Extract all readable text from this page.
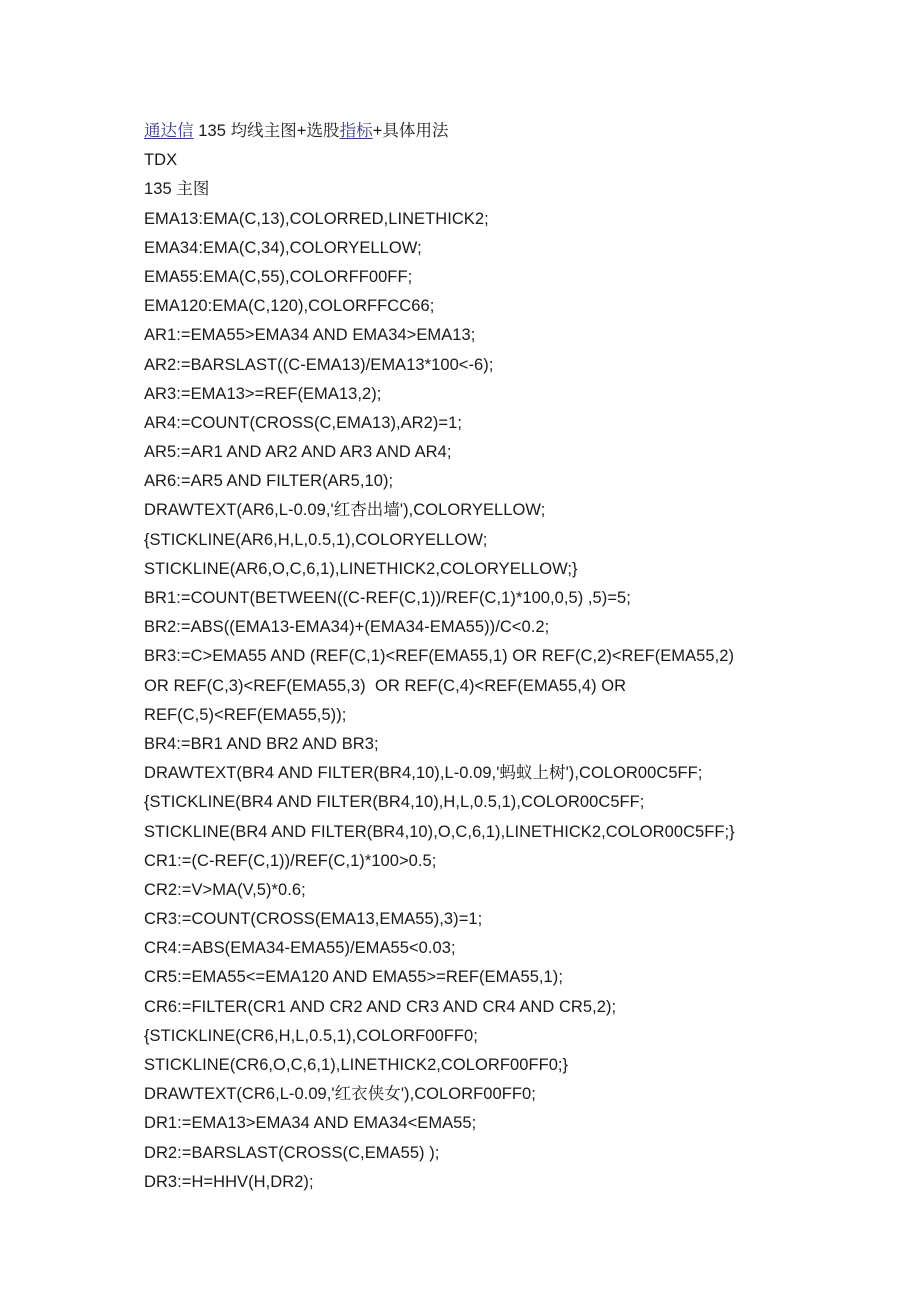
通达信 135 均线主图+选股指标+具体用法
TDX
135 主图
EMA13:EMA(C,13),COLORRED,LINETHICK2;
EMA34:EMA(C,34),COLORYELLOW;
EMA55:EMA(C,55),COLORFF00FF;
EMA120:EMA(C,120),COLORFFCC66;
AR1:=EMA55>EMA34 AND EMA34>EMA13;
AR2:=BARSLAST((C-EMA13)/EMA13*100<-6);
AR3:=EMA13>=REF(EMA13,2);
AR4:=COUNT(CROSS(C,EMA13),AR2)=1;
AR5:=AR1 AND AR2 AND AR3 AND AR4;
AR6:=AR5 AND FILTER(AR5,10);
DRAWTEXT(AR6,L-0.09,'红杏出墙'),COLORYELLOW;
{STICKLINE(AR6,H,L,0.5,1),COLORYELLOW;
STICKLINE(AR6,O,C,6,1),LINETHICK2,COLORYELLOW;}
BR1:=COUNT(BETWEEN((C-REF(C,1))/REF(C,1)*100,0,5) ,5)=5;
BR2:=ABS((EMA13-EMA34)+(EMA34-EMA55))/C<0.2;
BR3:=C>EMA55 AND (REF(C,1)<REF(EMA55,1) OR REF(C,2)<REF(EMA55,2)
OR REF(C,3)<REF(EMA55,3)  OR REF(C,4)<REF(EMA55,4) OR
REF(C,5)<REF(EMA55,5));
BR4:=BR1 AND BR2 AND BR3;
DRAWTEXT(BR4 AND FILTER(BR4,10),L-0.09,'蚂蚁上树'),COLOR00C5FF;
{STICKLINE(BR4 AND FILTER(BR4,10),H,L,0.5,1),COLOR00C5FF;
STICKLINE(BR4 AND FILTER(BR4,10),O,C,6,1),LINETHICK2,COLOR00C5FF;}
CR1:=(C-REF(C,1))/REF(C,1)*100>0.5;
CR2:=V>MA(V,5)*0.6;
CR3:=COUNT(CROSS(EMA13,EMA55),3)=1;
CR4:=ABS(EMA34-EMA55)/EMA55<0.03;
CR5:=EMA55<=EMA120 AND EMA55>=REF(EMA55,1);
CR6:=FILTER(CR1 AND CR2 AND CR3 AND CR4 AND CR5,2);
{STICKLINE(CR6,H,L,0.5,1),COLORF00FF0;
STICKLINE(CR6,O,C,6,1),LINETHICK2,COLORF00FF0;}
DRAWTEXT(CR6,L-0.09,'红衣侠女'),COLORF00FF0;
DR1:=EMA13>EMA34 AND EMA34<EMA55;
DR2:=BARSLAST(CROSS(C,EMA55) );
DR3:=H=HHV(H,DR2);
